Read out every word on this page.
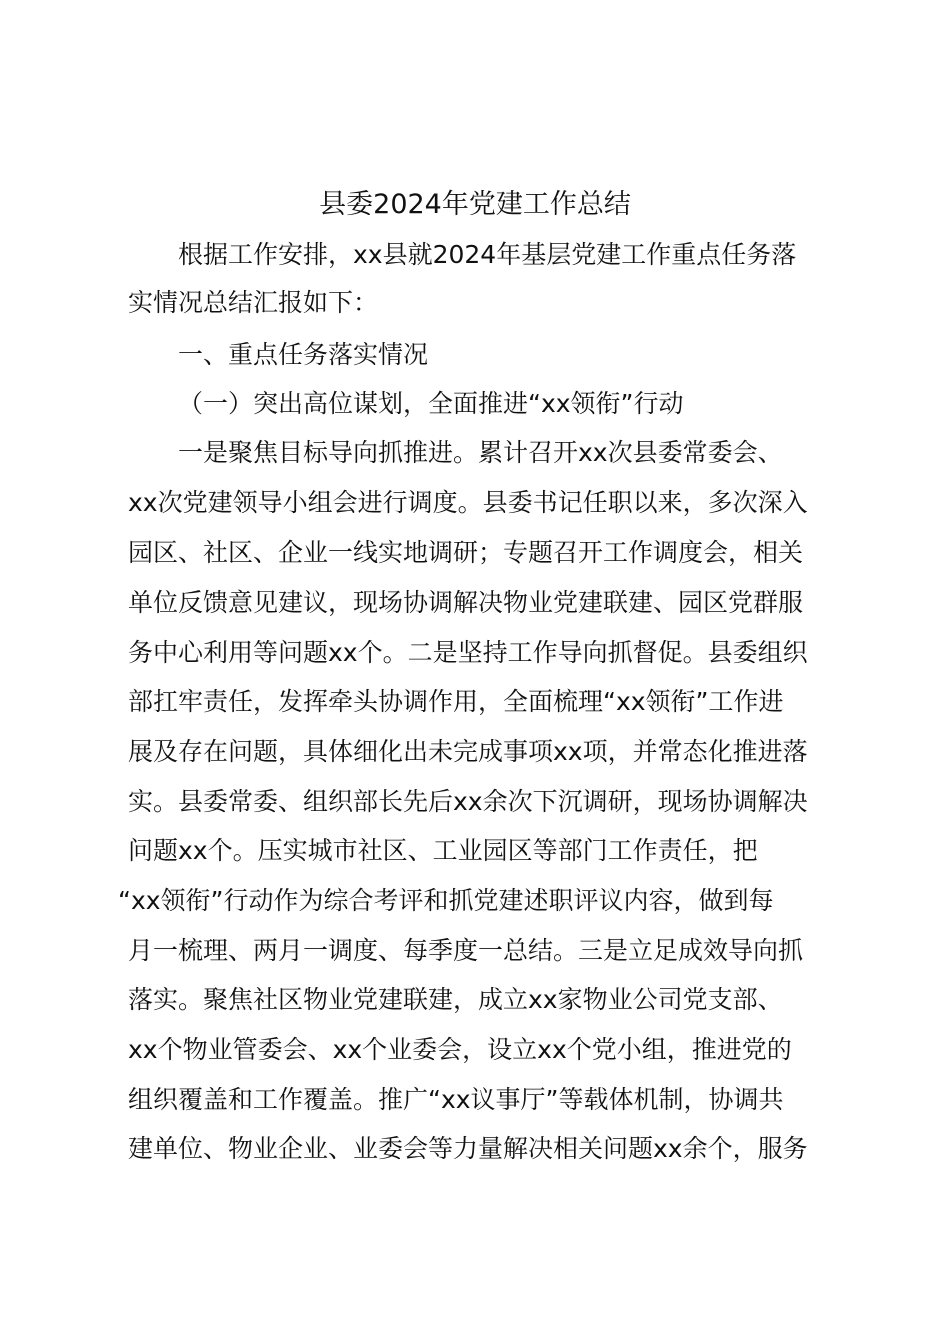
县委2024年党建工作总结
根据工作安排，xx县就2024年基层党建工作重点任务落
实情况总结汇报如下：
一、重点任务落实情况
（一）突出高位谋划，全面推进“xx领衔”行动
一是聚焦目标导向抓推进。累计召开xx次县委常委会、
xx次党建领导小组会进行调度。县委书记任职以来，多次深入
园区、社区、企业一线实地调研；专题召开工作调度会，相关
单位反馈意见建议，现场协调解决物业党建联建、园区党群服
务中心利用等问题xx个。二是坚持工作导向抓督促。县委组织
部扛牢责任，发挥牵头协调作用，全面梳理“xx领衔”工作进
展及存在问题，具体细化出未完成事项xx项，并常态化推进落
实。县委常委、组织部长先后xx余次下沉调研，现场协调解决
问题xx个。压实城市社区、工业园区等部门工作责任，把
“xx领衔”行动作为综合考评和抓党建述职评议内容，做到每
月一梳理、两月一调度、每季度一总结。三是立足成效导向抓
落实。聚焦社区物业党建联建，成立xx家物业公司党支部、
xx个物业管委会、xx个业委会，设立xx个党小组，推进党的
组织覆盖和工作覆盖。推广“xx议事厅”等载体机制，协调共
建单位、物业企业、业委会等力量解决相关问题xx余个，服务
